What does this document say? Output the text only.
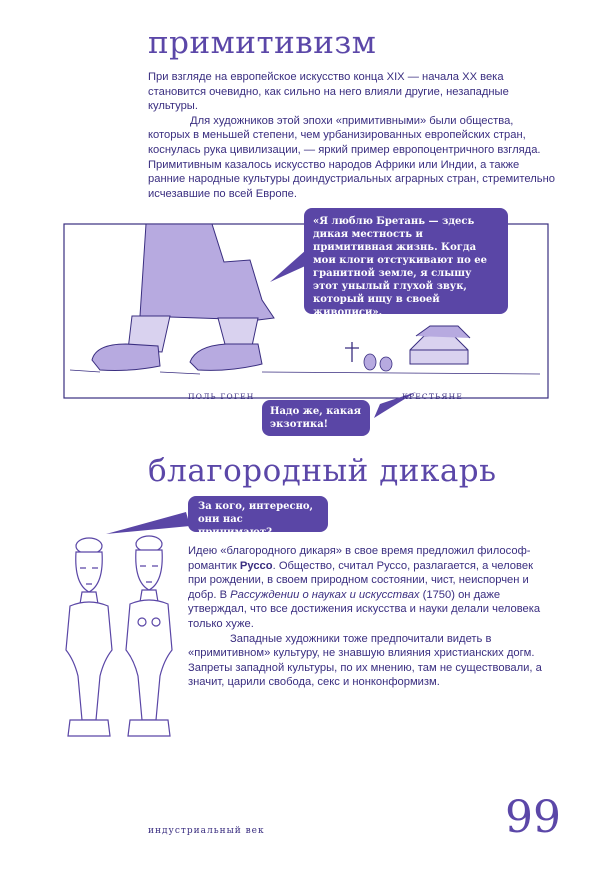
примитивизм

При взгляде на европейское искусство конца XIX — начала XX века становится очевидно, как сильно на него влияли другие, незападные культуры.

Для художников этой эпохи «примитивными» были общества, которых в меньшей степени, чем урбанизированных европейских стран, коснулась рука цивилизации, — яркий пример европоцентричного взгляда. Примитивным казалось искусство народов Африки или Индии, а также ранние народные культуры доиндустриальных аграрных стран, стремительно исчезавшие по всей Европе.

«Я люблю Бретань — здесь дикая местность и примитивная жизнь. Когда мои клоги отстукивают по ее гранитной земле, я слышу этот унылый глухой звук, который ищу в своей живописи».
ПОЛЬ ГОГЕН	КРЕСТЬЯНЕ
Надо же, какая экзотика!
благородный дикарь
За кого, интересно, они нас принимают?

Идею «благородного дикаря» в свое время предложил философ-романтик Руссо. Общество, считал Руссо, разлагается, а человек при рождении, в своем природном состоянии, чист, неиспорчен и добр. В Рассуждении о науках и искусствах (1750) он даже утверждал, что все достижения искусства и науки делали человека только хуже.

Западные художники тоже предпочитали видеть в «примитивном» культуру, не знавшую влияния христианских догм. Запреты западной культуры, по их мнению, там не существовали, а значит, царили свобода, секс и нонконформизм.

индустриальный век	99
